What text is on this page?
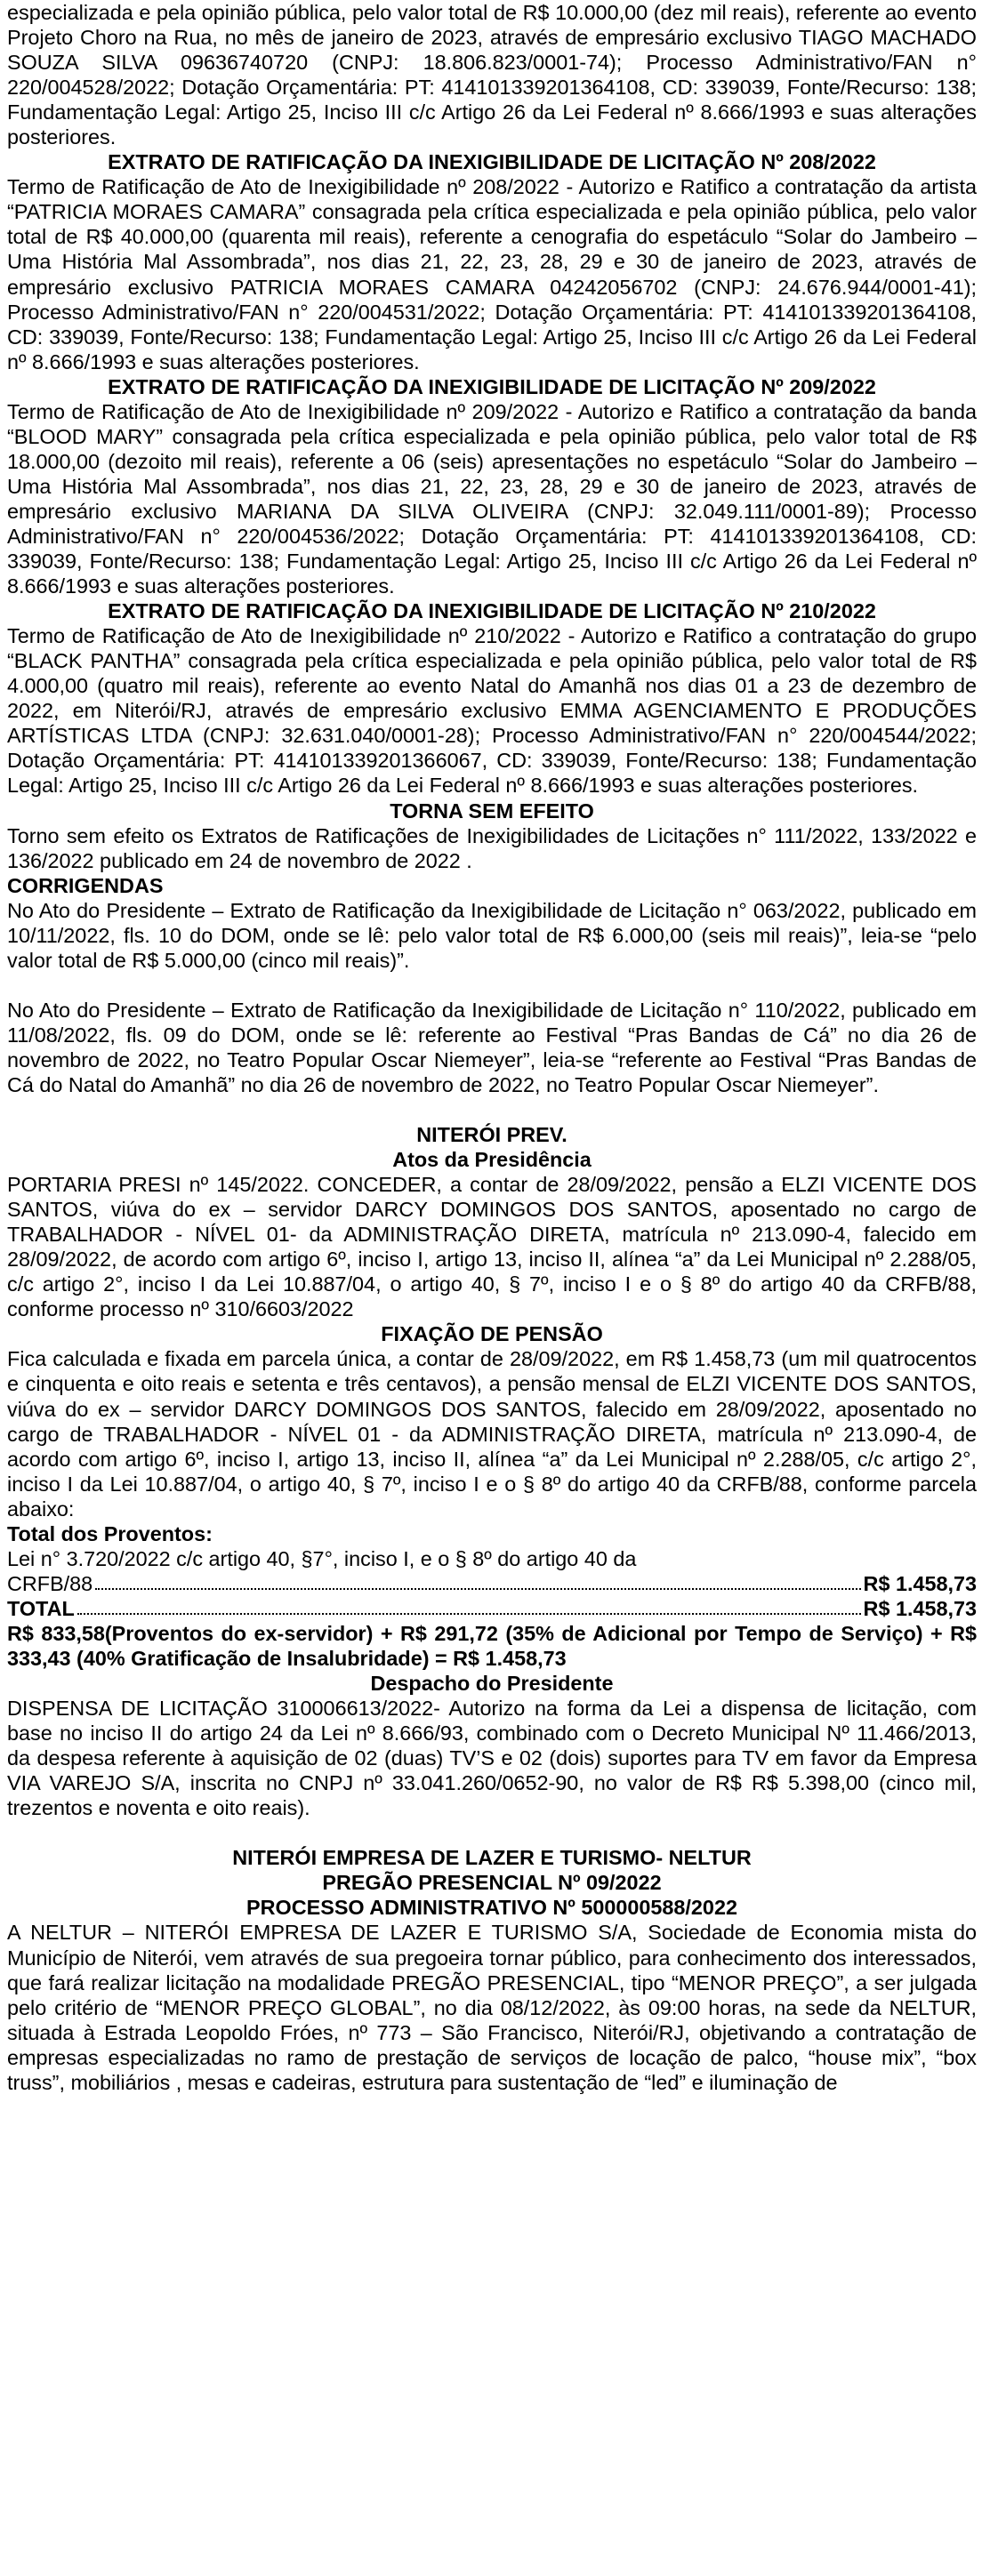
especializada e pela opinião pública, pelo valor total de R$ 10.000,00 (dez mil reais), referente ao evento Projeto Choro na Rua, no mês de janeiro de 2023, através de empresário exclusivo TIAGO MACHADO SOUZA SILVA 09636740720 (CNPJ: 18.806.823/0001-74); Processo Administrativo/FAN n° 220/004528/2022; Dotação Orçamentária: PT: 414101339201364108, CD: 339039, Fonte/Recurso: 138; Fundamentação Legal: Artigo 25, Inciso III c/c Artigo 26 da Lei Federal nº 8.666/1993 e suas alterações posteriores.

EXTRATO DE RATIFICAÇÃO DA INEXIGIBILIDADE DE LICITAÇÃO Nº 208/2022

Termo de Ratificação de Ato de Inexigibilidade nº 208/2022 - Autorizo e Ratifico a contratação da artista “PATRICIA MORAES CAMARA” consagrada pela crítica especializada e pela opinião pública, pelo valor total de R$ 40.000,00 (quarenta mil reais), referente a cenografia do espetáculo “Solar do Jambeiro – Uma História Mal Assombrada”, nos dias 21, 22, 23, 28, 29 e 30 de janeiro de 2023, através de empresário exclusivo PATRICIA MORAES CAMARA 04242056702 (CNPJ: 24.676.944/0001-41); Processo Administrativo/FAN n° 220/004531/2022; Dotação Orçamentária: PT: 414101339201364108, CD: 339039, Fonte/Recurso: 138; Fundamentação Legal: Artigo 25, Inciso III c/c Artigo 26 da Lei Federal nº 8.666/1993 e suas alterações posteriores.

EXTRATO DE RATIFICAÇÃO DA INEXIGIBILIDADE DE LICITAÇÃO Nº 209/2022

Termo de Ratificação de Ato de Inexigibilidade nº 209/2022 - Autorizo e Ratifico a contratação da banda “BLOOD MARY” consagrada pela crítica especializada e pela opinião pública, pelo valor total de R$ 18.000,00 (dezoito mil reais), referente a 06 (seis) apresentações no espetáculo “Solar do Jambeiro – Uma História Mal Assombrada”, nos dias 21, 22, 23, 28, 29 e 30 de janeiro de 2023, através de empresário exclusivo MARIANA DA SILVA OLIVEIRA (CNPJ: 32.049.111/0001-89); Processo Administrativo/FAN n° 220/004536/2022; Dotação Orçamentária: PT: 414101339201364108, CD: 339039, Fonte/Recurso: 138; Fundamentação Legal: Artigo 25, Inciso III c/c Artigo 26 da Lei Federal nº 8.666/1993 e suas alterações posteriores.

EXTRATO DE RATIFICAÇÃO DA INEXIGIBILIDADE DE LICITAÇÃO Nº 210/2022

Termo de Ratificação de Ato de Inexigibilidade nº 210/2022 - Autorizo e Ratifico a contratação do grupo “BLACK PANTHA” consagrada pela crítica especializada e pela opinião pública, pelo valor total de R$ 4.000,00 (quatro mil reais), referente ao evento Natal do Amanhã nos dias 01 a 23 de dezembro de 2022, em Niterói/RJ, através de empresário exclusivo EMMA AGENCIAMENTO E PRODUÇÕES ARTÍSTICAS LTDA (CNPJ: 32.631.040/0001-28); Processo Administrativo/FAN n° 220/004544/2022; Dotação Orçamentária: PT: 414101339201366067, CD: 339039, Fonte/Recurso: 138; Fundamentação Legal: Artigo 25, Inciso III c/c Artigo 26 da Lei Federal nº 8.666/1993 e suas alterações posteriores.

TORNA SEM EFEITO

Torno sem efeito os Extratos de Ratificações de Inexigibilidades de Licitações n° 111/2022, 133/2022 e 136/2022 publicado em 24 de novembro de 2022 .

CORRIGENDAS

No Ato do Presidente – Extrato de Ratificação da Inexigibilidade de Licitação n° 063/2022, publicado em 10/11/2022, fls. 10 do DOM, onde se lê: pelo valor total de R$ 6.000,00 (seis mil reais)”, leia-se “pelo valor total de R$ 5.000,00 (cinco mil reais)”.

No Ato do Presidente – Extrato de Ratificação da Inexigibilidade de Licitação n° 110/2022, publicado em 11/08/2022, fls. 09 do DOM, onde se lê: referente ao Festival “Pras Bandas de Cá” no dia 26 de novembro de 2022, no Teatro Popular Oscar Niemeyer”, leia-se “referente ao Festival “Pras Bandas de Cá do Natal do Amanhã” no dia 26 de novembro de 2022, no Teatro Popular Oscar Niemeyer”.

NITERÓI PREV.

Atos da Presidência

PORTARIA PRESI nº 145/2022. CONCEDER, a contar de 28/09/2022, pensão a ELZI VICENTE DOS SANTOS, viúva do ex – servidor DARCY DOMINGOS DOS SANTOS, aposentado no cargo de TRABALHADOR - NÍVEL 01- da ADMINISTRAÇÃO DIRETA, matrícula nº 213.090-4, falecido em 28/09/2022, de acordo com artigo 6º, inciso I, artigo 13, inciso II, alínea “a” da Lei Municipal nº 2.288/05, c/c artigo 2°, inciso I da Lei 10.887/04, o artigo 40, § 7º, inciso I e o § 8º do artigo 40 da CRFB/88, conforme processo nº 310/6603/2022

FIXAÇÃO DE PENSÃO

Fica calculada e fixada em parcela única, a contar de 28/09/2022, em R$ 1.458,73 (um mil quatrocentos e cinquenta e oito reais e setenta e três centavos), a pensão mensal de ELZI VICENTE DOS SANTOS, viúva do ex – servidor DARCY DOMINGOS DOS SANTOS, falecido em 28/09/2022, aposentado no cargo de TRABALHADOR - NÍVEL 01 - da ADMINISTRAÇÃO DIRETA, matrícula nº 213.090-4, de acordo com artigo 6º, inciso I, artigo 13, inciso II, alínea “a” da Lei Municipal nº 2.288/05, c/c artigo 2°, inciso I da Lei 10.887/04, o artigo 40, § 7º, inciso I e o § 8º do artigo 40 da CRFB/88, conforme parcela abaixo:

Total dos Proventos:

Lei n° 3.720/2022 c/c artigo 40, §7°, inciso I, e o § 8º do artigo 40 da

CRFB/88	R$ 1.458,73
TOTAL	R$ 1.458,73

R$ 833,58(Proventos do ex-servidor) + R$ 291,72 (35% de Adicional por Tempo de Serviço) + R$ 333,43 (40% Gratificação de Insalubridade) = R$ 1.458,73

Despacho do Presidente

DISPENSA DE LICITAÇÃO 310006613/2022- Autorizo na forma da Lei a dispensa de licitação, com base no inciso II do artigo 24 da Lei nº 8.666/93, combinado com o Decreto Municipal Nº 11.466/2013, da despesa referente à aquisição de 02 (duas) TV’S e 02 (dois) suportes para TV em favor da Empresa VIA VAREJO S/A, inscrita no CNPJ nº 33.041.260/0652-90, no valor de R$ R$ 5.398,00 (cinco mil, trezentos e noventa e oito reais).

NITERÓI EMPRESA DE LAZER E TURISMO- NELTUR

PREGÃO PRESENCIAL Nº 09/2022

PROCESSO ADMINISTRATIVO Nº 500000588/2022

A NELTUR – NITERÓI EMPRESA DE LAZER E TURISMO S/A, Sociedade de Economia mista do Município de Niterói, vem através de sua pregoeira tornar público, para conhecimento dos interessados, que fará realizar licitação na modalidade PREGÃO PRESENCIAL, tipo “MENOR PREÇO”, a ser julgada pelo critério de “MENOR PREÇO GLOBAL”, no dia 08/12/2022, às 09:00 horas, na sede da NELTUR, situada à Estrada Leopoldo Fróes, nº 773 – São Francisco, Niterói/RJ, objetivando a contratação de empresas especializadas no ramo de prestação de serviços de locação de palco, “house mix”, “box truss”, mobiliários , mesas e cadeiras, estrutura para sustentação de “led” e iluminação de
